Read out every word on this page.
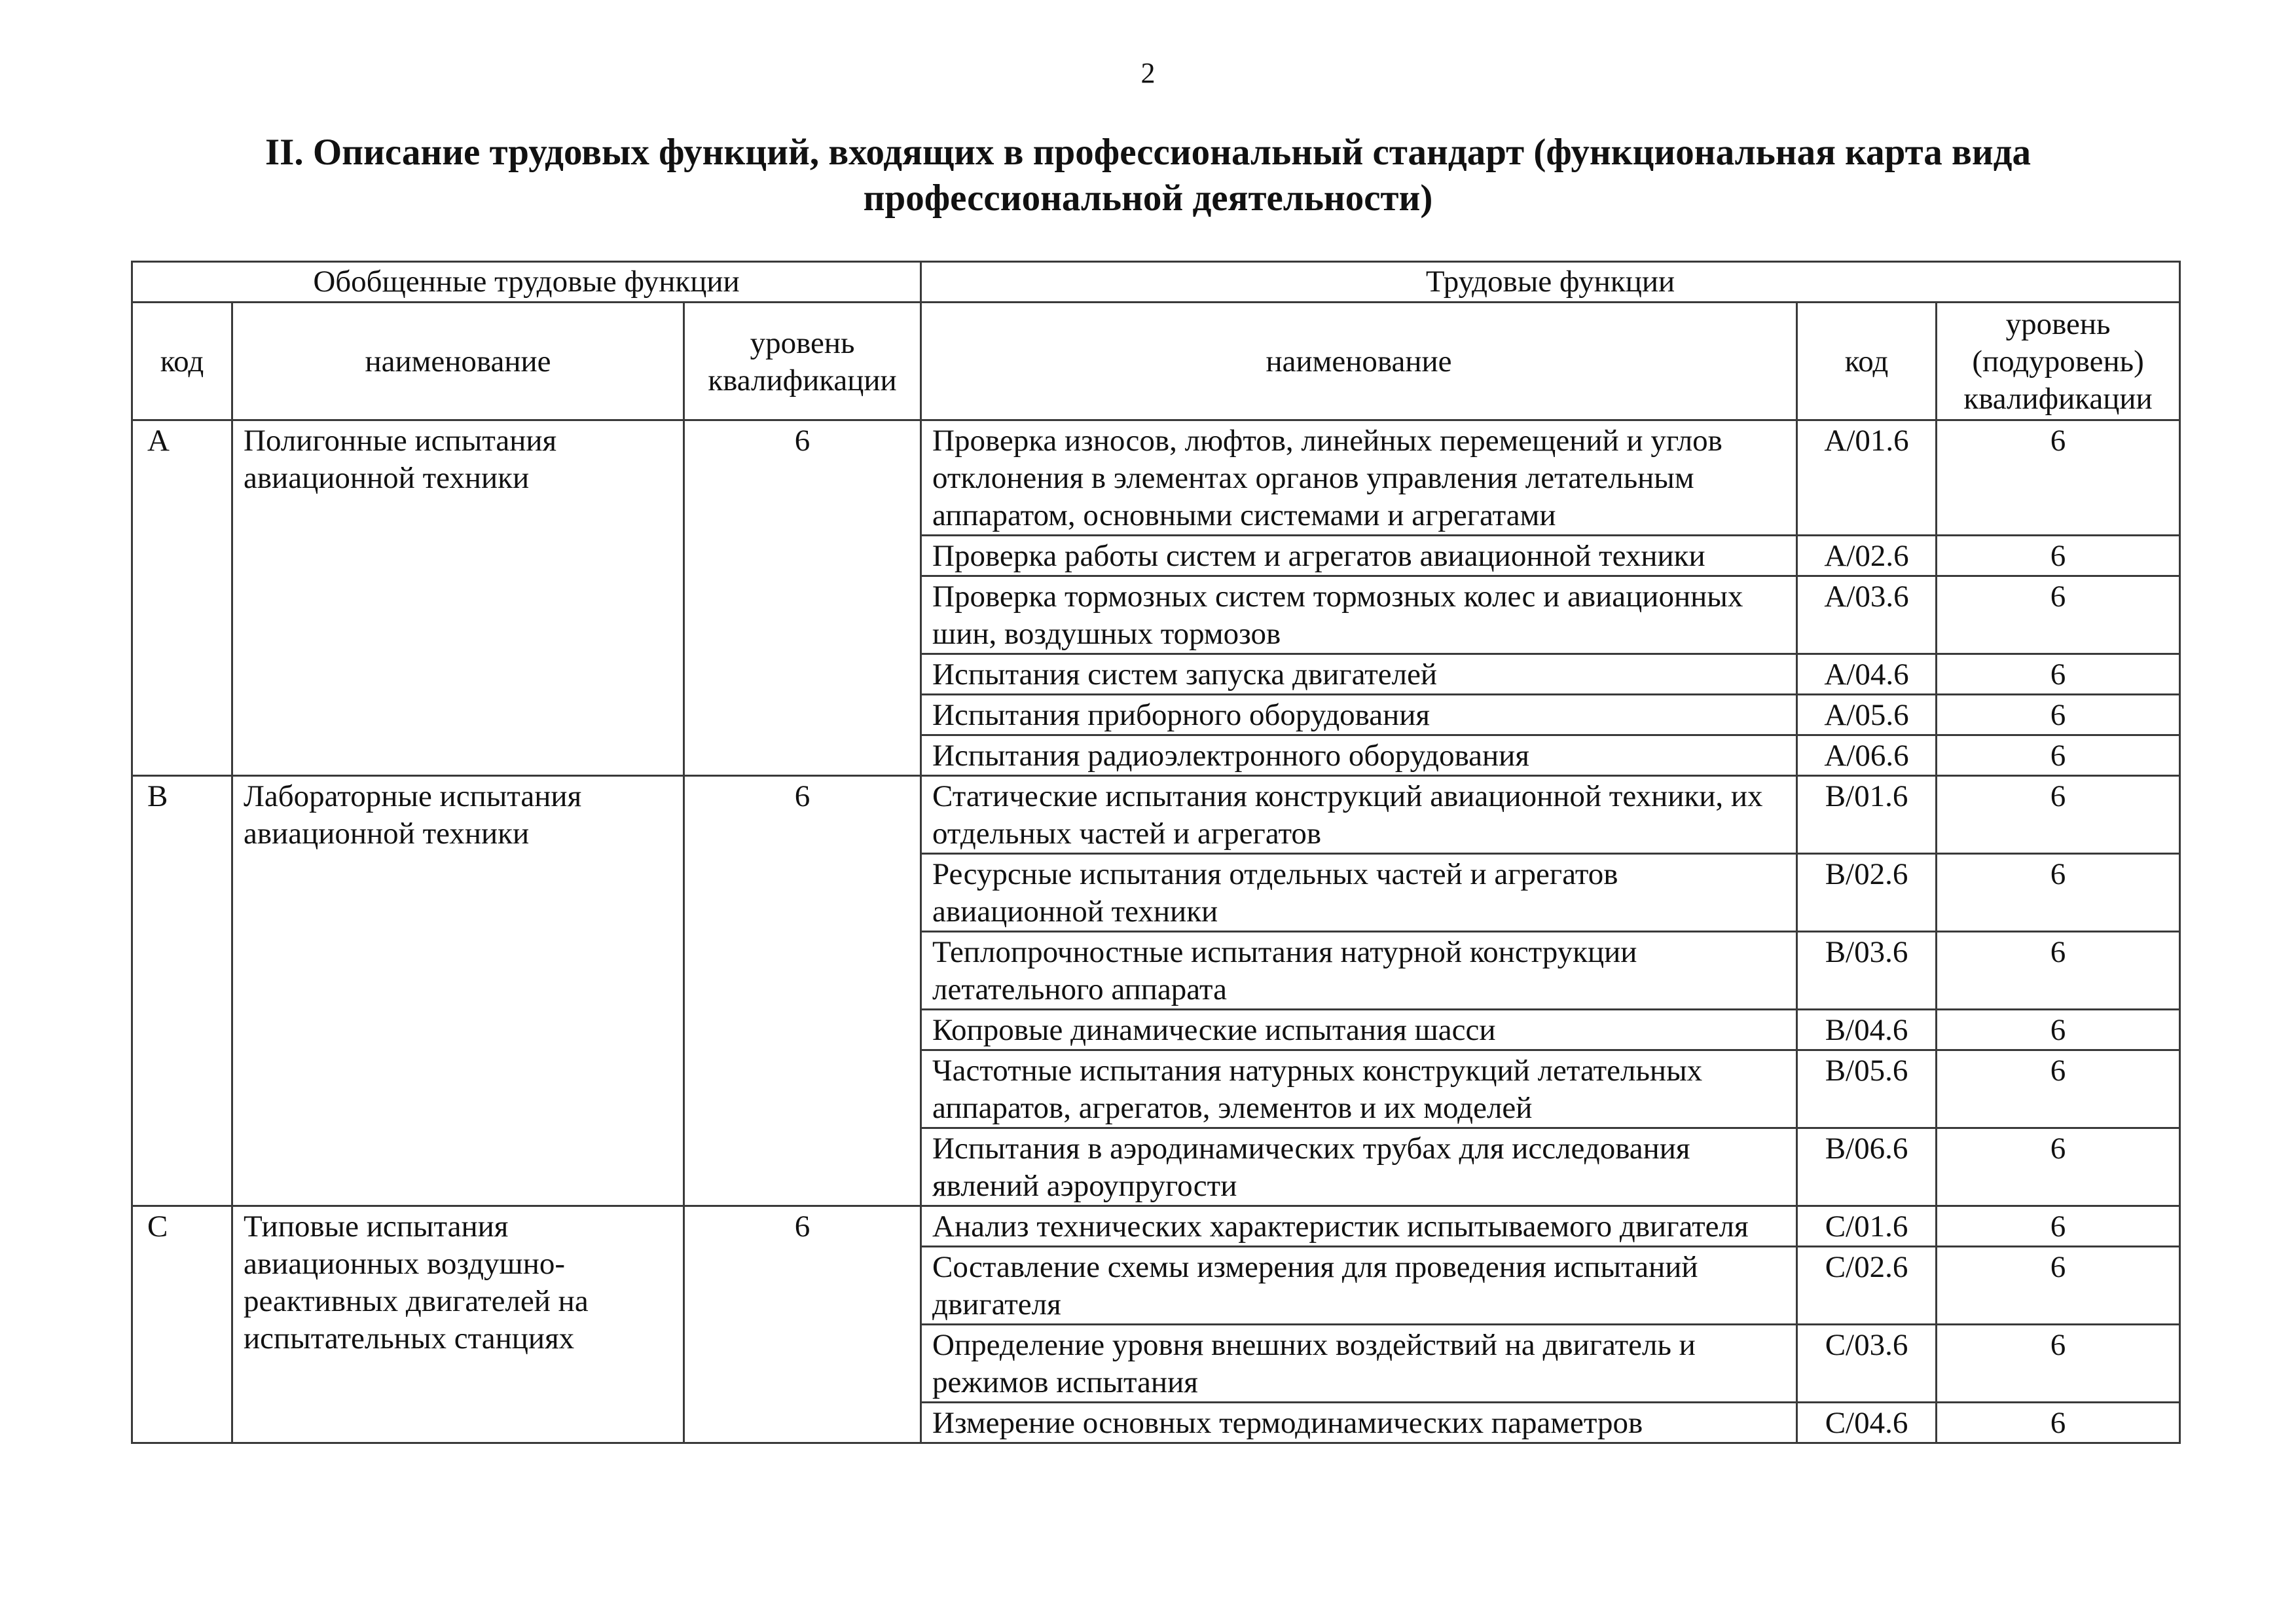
2
II. Описание трудовых функций, входящих в профессиональный стандарт (функциональная карта вида профессиональной деятельности)
Обобщенные трудовые функции			Трудовые функции		
код	наименование	уровень квалификации	наименование	код	уровень (подуровень) квалификации
A	Полигонные испытания авиационной техники	6	Проверка износов, люфтов, линейных перемещений и углов отклонения в элементах органов управления летательным аппаратом, основными системами и агрегатами	A/01.6	6
			Проверка работы систем и агрегатов авиационной техники	A/02.6	6
			Проверка тормозных систем тормозных колес и авиационных шин, воздушных тормозов	A/03.6	6
			Испытания систем запуска двигателей	A/04.6	6
			Испытания приборного оборудования	A/05.6	6
			Испытания радиоэлектронного оборудования	A/06.6	6
B	Лабораторные испытания авиационной техники	6	Статические испытания конструкций авиационной техники, их отдельных частей и агрегатов	B/01.6	6
			Ресурсные испытания отдельных частей и агрегатов авиационной техники	B/02.6	6
			Теплопрочностные испытания натурной конструкции летательного аппарата	B/03.6	6
			Копровые динамические испытания шасси	B/04.6	6
			Частотные испытания натурных конструкций летательных аппаратов, агрегатов, элементов и их моделей	B/05.6	6
			Испытания в аэродинамических трубах для исследования явлений аэроупругости	B/06.6	6
C	Типовые испытания авиационных воздушно-реактивных двигателей на испытательных станциях	6	Анализ технических характеристик испытываемого двигателя	C/01.6	6
			Составление схемы измерения для проведения испытаний двигателя	C/02.6	6
			Определение уровня внешних воздействий на двигатель и режимов испытания	C/03.6	6
			Измерение основных термодинамических параметров	C/04.6	6
